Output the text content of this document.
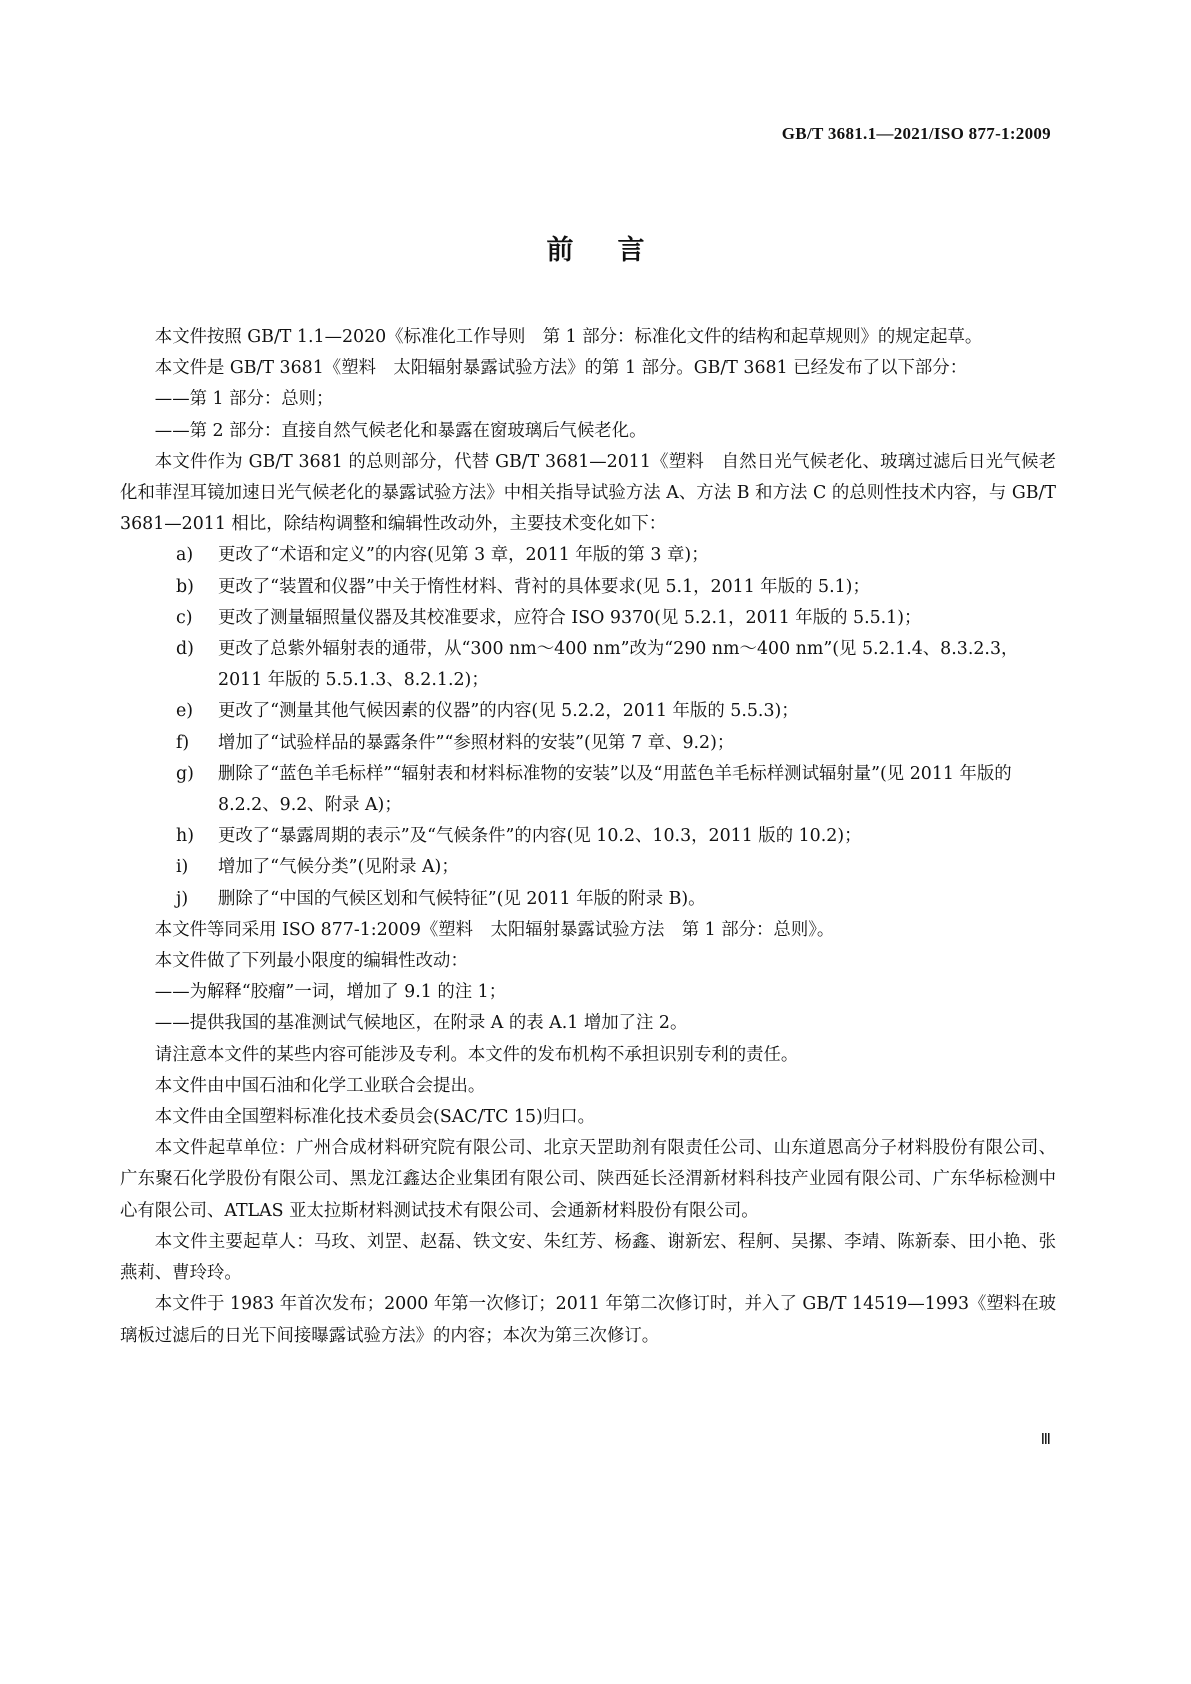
GB/T 3681.1—2021/ISO 877-1:2009
前言

本文件按照 GB/T 1.1—2020《标准化工作导则　第 1 部分：标准化文件的结构和起草规则》的规定起草。

本文件是 GB/T 3681《塑料　太阳辐射暴露试验方法》的第 1 部分。GB/T 3681 已经发布了以下部分：

——第 1 部分：总则；

——第 2 部分：直接自然气候老化和暴露在窗玻璃后气候老化。

本文件作为 GB/T 3681 的总则部分，代替 GB/T 3681—2011《塑料　自然日光气候老化、玻璃过滤后日光气候老化和菲涅耳镜加速日光气候老化的暴露试验方法》中相关指导试验方法 A、方法 B 和方法 C 的总则性技术内容，与 GB/T 3681—2011 相比，除结构调整和编辑性改动外，主要技术变化如下：

a)	更改了“术语和定义”的内容(见第 3 章，2011 年版的第 3 章)；
b)	更改了“装置和仪器”中关于惰性材料、背衬的具体要求(见 5.1，2011 年版的 5.1)；
c)	更改了测量辐照量仪器及其校准要求，应符合 ISO 9370(见 5.2.1，2011 年版的 5.5.1)；
d)	更改了总紫外辐射表的通带，从“300 nm～400 nm”改为“290 nm～400 nm”(见 5.2.1.4、8.3.2.3，2011 年版的 5.5.1.3、8.2.1.2)；
e)	更改了“测量其他气候因素的仪器”的内容(见 5.2.2，2011 年版的 5.5.3)；
f)	增加了“试验样品的暴露条件”“参照材料的安装”(见第 7 章、9.2)；
g)	删除了“蓝色羊毛标样”“辐射表和材料标准物的安装”以及“用蓝色羊毛标样测试辐射量”(见 2011 年版的 8.2.2、9.2、附录 A)；
h)	更改了“暴露周期的表示”及“气候条件”的内容(见 10.2、10.3，2011 版的 10.2)；
i)	增加了“气候分类”(见附录 A)；
j)	删除了“中国的气候区划和气候特征”(见 2011 年版的附录 B)。

本文件等同采用 ISO 877-1:2009《塑料　太阳辐射暴露试验方法　第 1 部分：总则》。

本文件做了下列最小限度的编辑性改动：

——为解释“胶瘤”一词，增加了 9.1 的注 1；

——提供我国的基准测试气候地区，在附录 A 的表 A.1 增加了注 2。

请注意本文件的某些内容可能涉及专利。本文件的发布机构不承担识别专利的责任。

本文件由中国石油和化学工业联合会提出。

本文件由全国塑料标准化技术委员会(SAC/TC 15)归口。

本文件起草单位：广州合成材料研究院有限公司、北京天罡助剂有限责任公司、山东道恩高分子材料股份有限公司、广东聚石化学股份有限公司、黑龙江鑫达企业集团有限公司、陕西延长泾渭新材料科技产业园有限公司、广东华标检测中心有限公司、ATLAS 亚太拉斯材料测试技术有限公司、会通新材料股份有限公司。

本文件主要起草人：马玫、刘罡、赵磊、铁文安、朱红芳、杨鑫、谢新宏、程舸、吴摞、李靖、陈新泰、田小艳、张燕莉、曹玲玲。

本文件于 1983 年首次发布；2000 年第一次修订；2011 年第二次修订时，并入了 GB/T 14519—1993《塑料在玻璃板过滤后的日光下间接曝露试验方法》的内容；本次为第三次修订。

Ⅲ
